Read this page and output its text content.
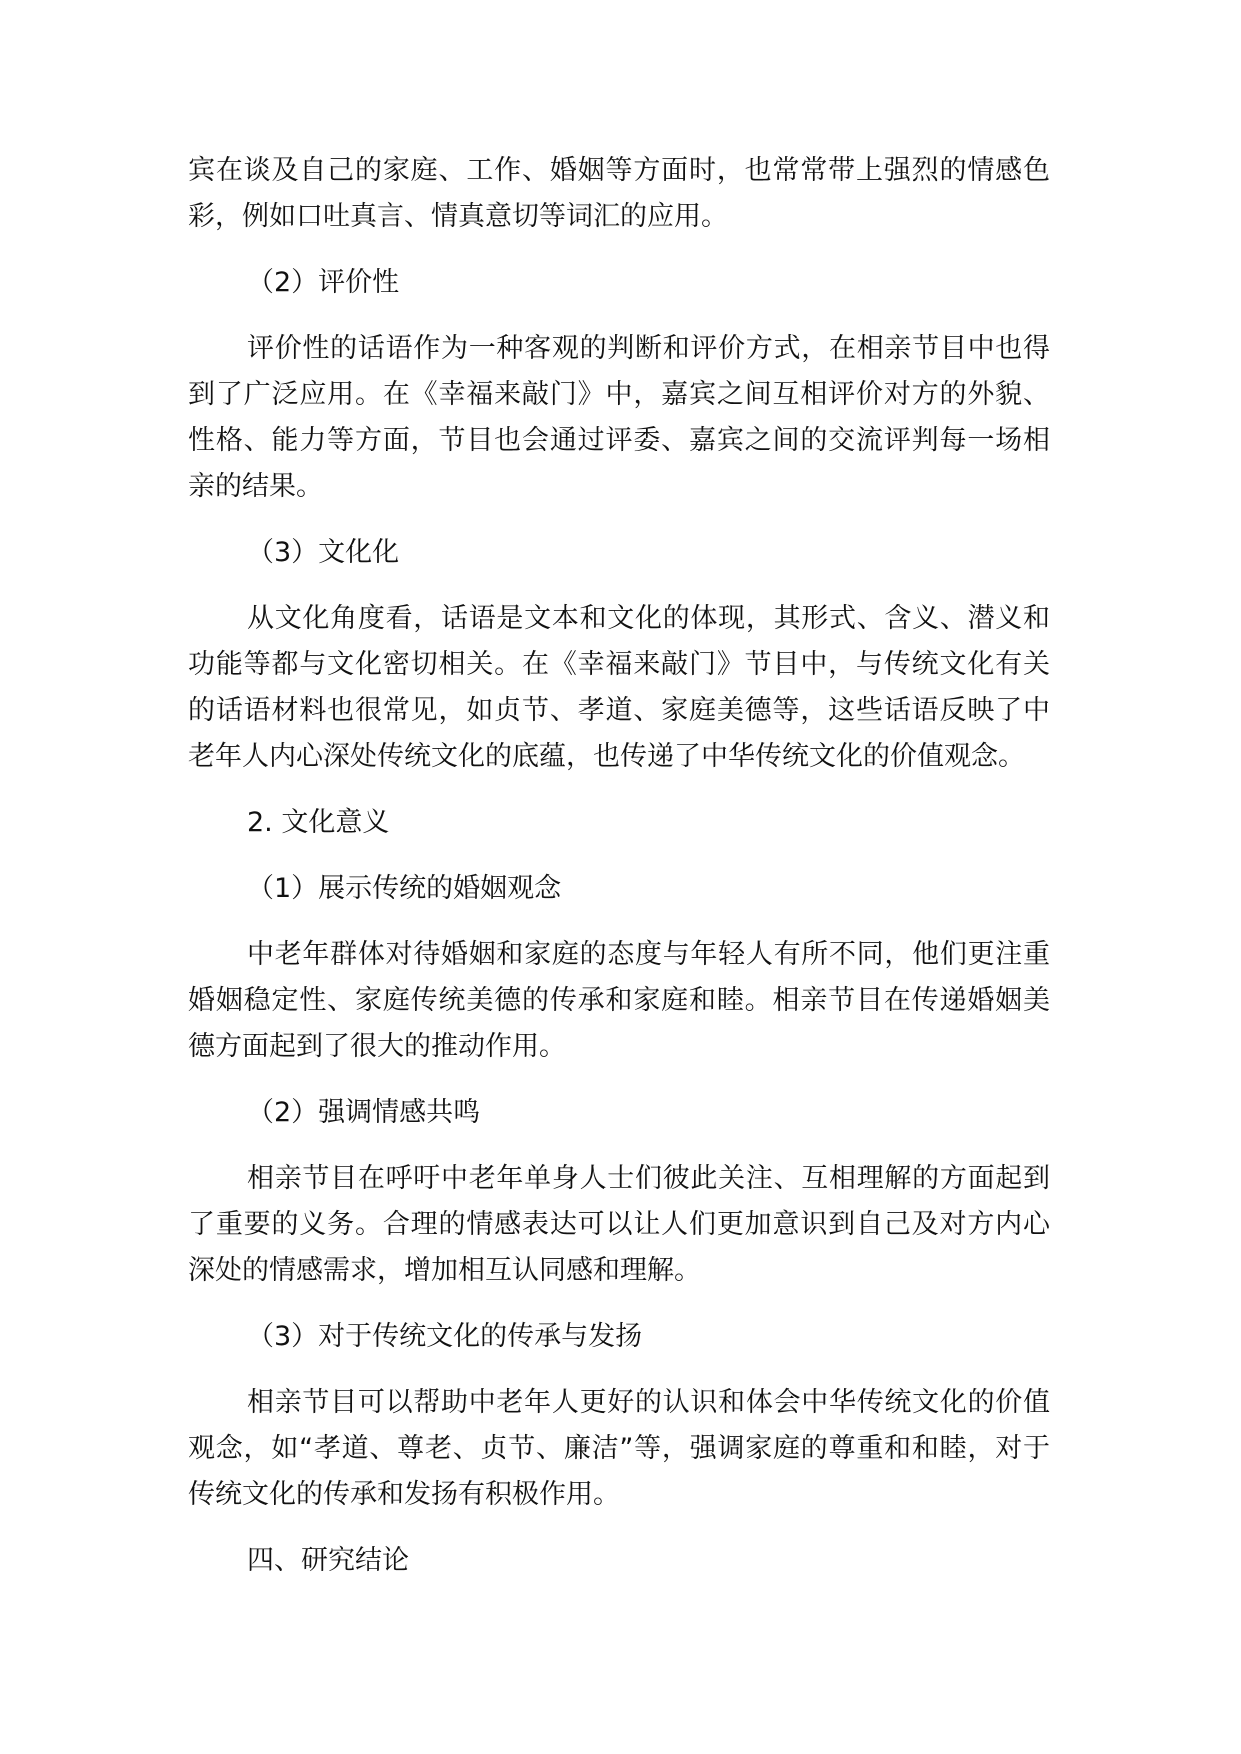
宾在谈及自己的家庭、工作、婚姻等方面时，也常常带上强烈的情感色彩，例如口吐真言、情真意切等词汇的应用。

（2）评价性

评价性的话语作为一种客观的判断和评价方式，在相亲节目中也得到了广泛应用。在《幸福来敲门》中，嘉宾之间互相评价对方的外貌、性格、能力等方面，节目也会通过评委、嘉宾之间的交流评判每一场相亲的结果。

（3）文化化

从文化角度看，话语是文本和文化的体现，其形式、含义、潜义和功能等都与文化密切相关。在《幸福来敲门》节目中，与传统文化有关的话语材料也很常见，如贞节、孝道、家庭美德等，这些话语反映了中老年人内心深处传统文化的底蕴，也传递了中华传统文化的价值观念。

2. 文化意义

（1）展示传统的婚姻观念

中老年群体对待婚姻和家庭的态度与年轻人有所不同，他们更注重婚姻稳定性、家庭传统美德的传承和家庭和睦。相亲节目在传递婚姻美德方面起到了很大的推动作用。

（2）强调情感共鸣

相亲节目在呼吁中老年单身人士们彼此关注、互相理解的方面起到了重要的义务。合理的情感表达可以让人们更加意识到自己及对方内心深处的情感需求，增加相互认同感和理解。

（3）对于传统文化的传承与发扬

相亲节目可以帮助中老年人更好的认识和体会中华传统文化的价值观念，如“孝道、尊老、贞节、廉洁”等，强调家庭的尊重和和睦，对于传统文化的传承和发扬有积极作用。

四、研究结论
